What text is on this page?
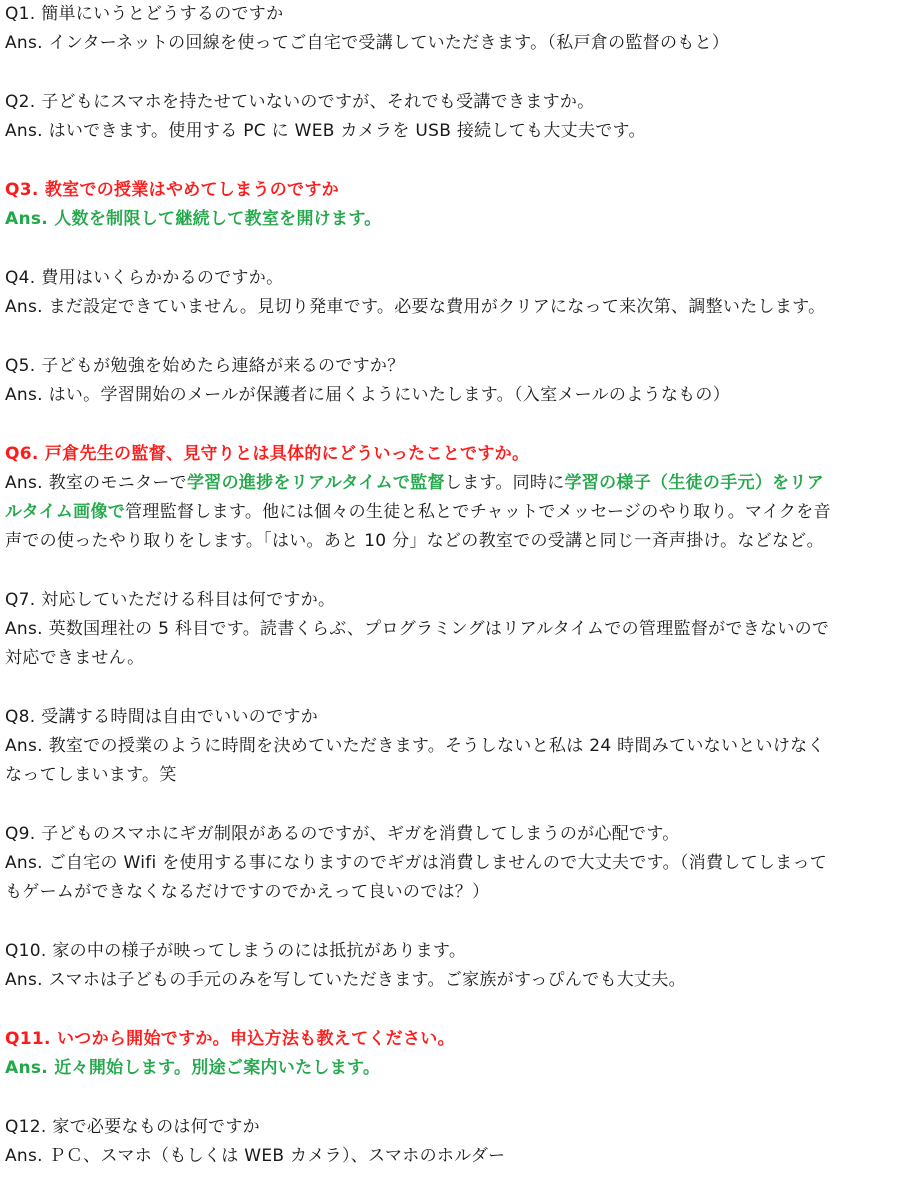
Q1. 簡単にいうとどうするのですか
Ans. インターネットの回線を使ってご自宅で受講していただきます。（私戸倉の監督のもと）
Q2. 子どもにスマホを持たせていないのですが、それでも受講できますか。
Ans. はいできます。使用する PC に WEB カメラを USB 接続しても大丈夫です。
Q3. 教室での授業はやめてしまうのですか
Ans. 人数を制限して継続して教室を開けます。
Q4. 費用はいくらかかるのですか。
Ans. まだ設定できていません。見切り発車です。必要な費用がクリアになって来次第、調整いたします。
Q5. 子どもが勉強を始めたら連絡が来るのですか？
Ans. はい。学習開始のメールが保護者に届くようにいたします。（入室メールのようなもの）
Q6. 戸倉先生の監督、見守りとは具体的にどういったことですか。
Ans. 教室のモニターで学習の進捗をリアルタイムで監督します。同時に学習の様子（生徒の手元）をリア
ルタイム画像で管理監督します。他には個々の生徒と私とでチャットでメッセージのやり取り。マイクを音
声での使ったやり取りをします。「はい。あと 10 分」などの教室での受講と同じ一斉声掛け。などなど。
Q7. 対応していただける科目は何ですか。
Ans. 英数国理社の 5 科目です。読書くらぶ、プログラミングはリアルタイムでの管理監督ができないので
対応できません。
Q8. 受講する時間は自由でいいのですか
Ans. 教室での授業のように時間を決めていただきます。そうしないと私は 24 時間みていないといけなく
なってしまいます。笑
Q9. 子どものスマホにギガ制限があるのですが、ギガを消費してしまうのが心配です。
Ans. ご自宅の Wifi を使用する事になりますのでギガは消費しませんので大丈夫です。（消費してしまって
もゲームができなくなるだけですのでかえって良いのでは？）
Q10. 家の中の様子が映ってしまうのには抵抗があります。
Ans. スマホは子どもの手元のみを写していただきます。ご家族がすっぴんでも大丈夫。
Q11. いつから開始ですか。申込方法も教えてください。
Ans. 近々開始します。別途ご案内いたします。
Q12. 家で必要なものは何ですか
Ans. ＰＣ、スマホ（もしくは WEB カメラ）、スマホのホルダー
